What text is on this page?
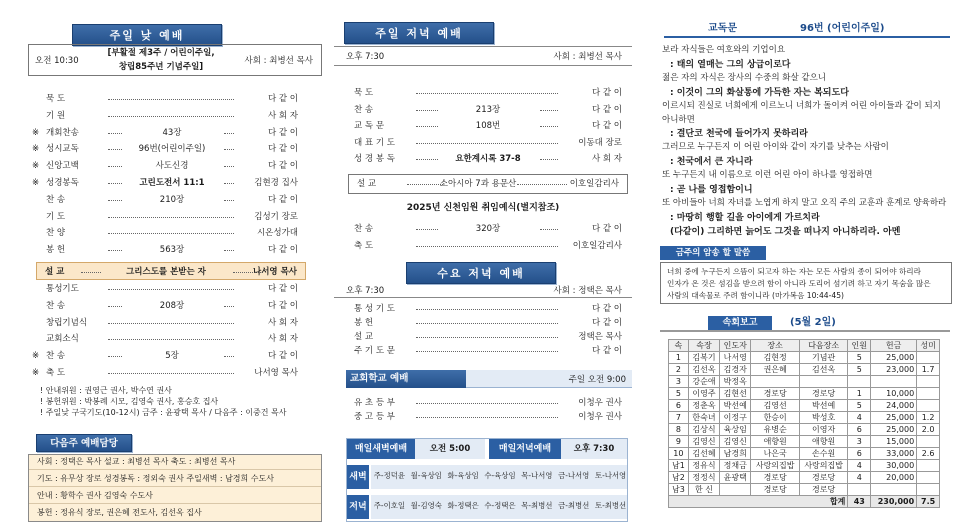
주일 낮 예배
오전 10:30
[부활절 제3주 / 어린이주일,
창립85주년 기념주일]
사회 : 최병선 목사
묵 도	다 같 이
기 원	사 회 자
※ 개회찬송	43장	다 같 이
※ 성시교독	96번(어린이주일)	다 같 이
※ 신앙고백	사도신경	다 같 이
※ 성경봉독	고린도전서 11:1	김현경 집사
찬 송	210장	다 같 이
기 도	김성기 장로
찬 양	시온성가대
봉 헌	563장	다 같 이
설 교	그리스도를 본받는 자	나서영 목사
통성기도	다 같 이
찬 송	208장	다 같 이
창립기념식	사 회 자
교회소식	사 회 자
※ 찬 송	5장	다 같 이
※ 축 도	나서영 목사
! 안내위원 : 권영근 권사, 박수연 권사
! 봉헌위원 : 박봉례 시모, 김영숙 권사, 홍승호 집사
! 주일낮 구국기도(10-12시) 금주 : 윤광택 목사 / 다음주 : 이중건 목사
다음주 예배담당
사회 : 정택은 목사 설교 : 최병선 목사 축도 : 최병선 목사
기도 : 유무상 장로 성경봉독 : 정외숙 권사 주일새벽 : 남경희 수도사
안내 : 황학수 권사 김영숙 수도사
봉헌 : 정유식 장로, 권은혜 전도사, 김선옥 집사
주일 저녁 예배
오후 7:30	사회 : 최병선 목사
묵 도	다 같 이
찬 송	213장	다 같 이
교 독 문	108번	다 같 이
대 표 기 도	이동대 장로
성 경 봉 독	요한계시록 37-8	사 회 자
설 교	소아시아 7과 용문산	이호일감리사
2025년 신천임원 취임예식(별지참조)
찬 송	320장	다 같 이
축 도	이호일감리사
수요 저녁 예배
오후 7:30	사회 : 정택은 목사
통 성 기 도	다 같 이
봉 헌	다 같 이
설 교	정택은 목사
주 기 도 문	다 같 이
교회학교 예배	주일 오전 9:00
유 초 등 부	이청우 권사
중 고 등 부	이청우 권사
매일새벽예배	오전 5:00	매일저녁예배	오후 7:30
새벽 주-정덕윤 월-육상임 화-육상임 수-육상임 목-나서영 금-나서영 토-나서영
저녁 주-이호일 월-김영숙 화-정택은 수-정택은 목-최병선 금-최병선 토-최병선
교독문	96번 (어린이주일)
보라 자식들은 여호와의 기업이요
: 태의 열매는 그의 상급이로다
젊은 자의 자식은 장사의 수중의 화살 같으니
: 이것이 그의 화살통에 가득한 자는 복되도다
이르시되 진실로 너희에게 이르노니 너희가 돌이켜 어린 아이들과 같이 되지
아니하면
: 결단코 천국에 들어가지 못하리라
그러므로 누구든지 이 어린 아이와 같이 자기를 낮추는 사람이
: 천국에서 큰 자니라
또 누구든지 내 이름으로 이런 어린 아이 하나를 영접하면
: 곧 나를 영접함이니
또 아비들아 너희 자녀를 노엽게 하지 말고 오직 주의 교훈과 훈계로 양육하라
: 마땅히 행할 길을 아이에게 가르치라
(다같이) 그리하면 늙어도 그것을 떠나지 아니하리라. 아멘
금주의 암송 할 말씀
너희 중에 누구든지 으뜸이 되고자 하는 자는 모든 사람의 종이 되어야 하리라
인자가 온 것은 섬김을 받으려 함이 아니라 도리어 섬기려 하고 자기 목숨을 많은
사람의 대속물로 주려 함이니라 (마가복음 10:44-45)
속회보고	(5월 2일)
속	속장	인도자	장소	다음장소	인원	헌금	성미
1	김복기	나서영	김현정	기념관	5	25,000	
2	김선옥	김경자	권은혜	김선옥	5	23,000	1.7
3	강순애	박정옥					
5	이영주	김현선	경로당	경로당	1	10,000	
6	정춘옥	박선예	김영선	박선예	5	24,000	
7	한숙녀	이정구	한승이	박성호	4	25,000	1.2
8	김상식	육상임	유병순	이영자	6	25,000	2.0
9	김영신	김영신	애향원	애향원	3	15,000	
10	김선혜	남경희	나은국	손수원	6	33,000	2.6
남1	정유식	정채금	사랑의집밥	사랑의집밥	4	30,000	
남2	정정식	윤광택	경로당	경로당	4	20,000	
남3	한 신		경로당	경로당			
합계					43	230,000	7.5
